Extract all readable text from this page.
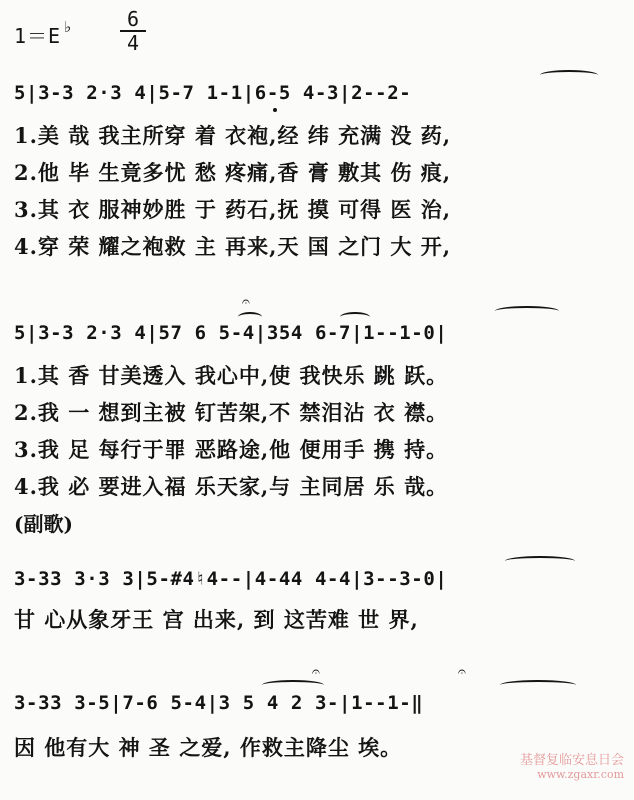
1＝E ♭ $\frac{6}{4}$
5|3-3 2·3 4|5-7 1-1|6-5 4-3|2--2-
1.美 哉 我主所穿 着 衣袍,经 纬 充满 没 药,
2.他 毕 生竟多忧 愁 疼痛,香 膏 敷其 伤 痕,
3.其 衣 服神妙胜 于 药石,抚 摸 可得 医 治,
4.穿 荣 耀之袍救 主 再来,天 国 之门 大 开,
5|3-3 2·3 4|57 6 5-4|354 6-7|1--1-0|
𝄐
1.其 香 甘美透入 我心中,使 我快乐 跳 跃。
2.我 一 想到主被 钉苦架,不 禁泪沾 衣 襟。
3.我 足 每行于罪 恶路途,他 便用手 携 持。
4.我 必 要进入福 乐天家,与 主同居 乐 哉。
(副歌)
3-33 3·3 3|5-#4♮4--|4-44 4-4|3--3-0|
甘 心从象牙王 宫 出来, 到 这苦难 世 界,
3-33 3-5|7-6 5-4|3 5 4 2 3-|1--1-‖
𝄐	𝄐
因 他有大 神 圣 之爱, 作救主降尘 埃。
基督复临安息日会
www.zgaxr.com
